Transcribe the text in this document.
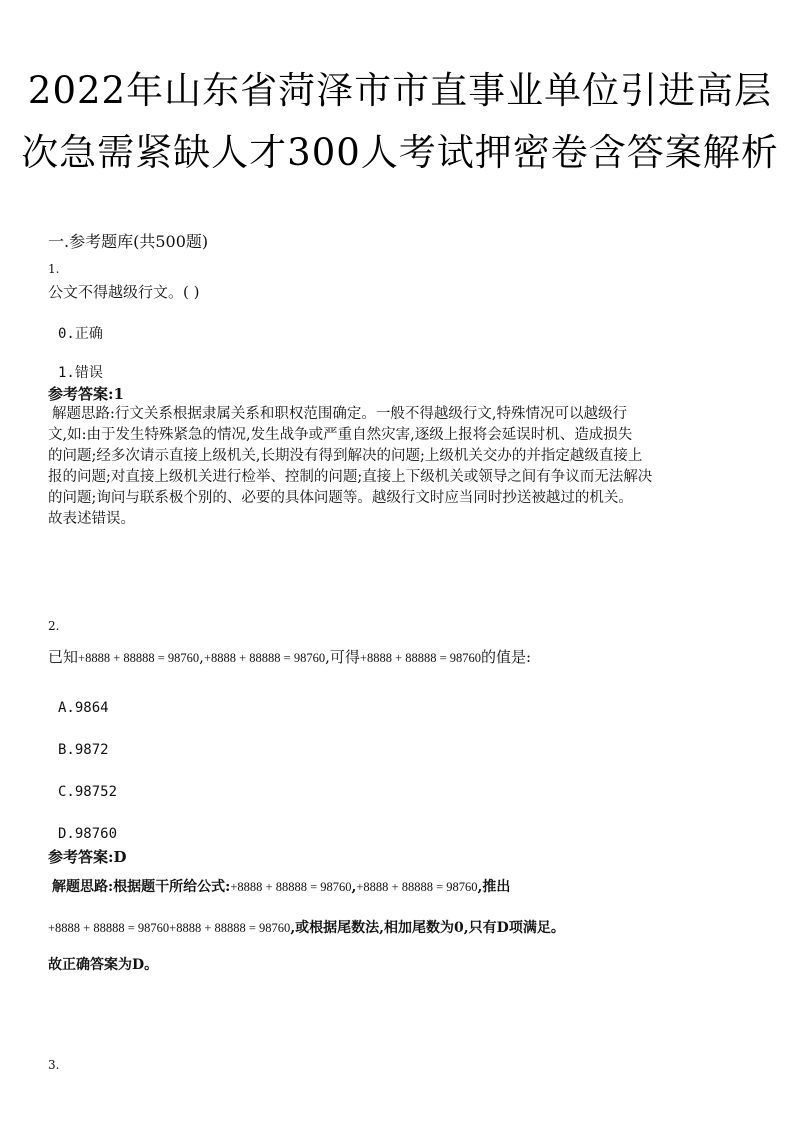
2022年山东省菏泽市市直事业单位引进高层
次急需紧缺人才300人考试押密卷含答案解析
一.参考题库(共500题)
1.
公文不得越级行文。( )
0.正确
1.错误
参考答案:1
解题思路:行文关系根据隶属关系和职权范围确定。一般不得越级行文,特殊情况可以越级行
文,如:由于发生特殊紧急的情况,发生战争或严重自然灾害,逐级上报将会延误时机、造成损失
的问题;经多次请示直接上级机关,长期没有得到解决的问题;上级机关交办的并指定越级直接上
报的问题;对直接上级机关进行检举、控制的问题;直接上下级机关或领导之间有争议而无法解决
的问题;询问与联系极个别的、必要的具体问题等。越级行文时应当同时抄送被越过的机关。
故表述错误。
2.
已知+8888 + 88888 = 98760,+8888 + 88888 = 98760,可得+8888 + 88888 = 98760的值是:
A.9864
B.9872
C.98752
D.98760
参考答案:D
解题思路:根据题干所给公式:+8888 + 88888 = 98760,+8888 + 88888 = 98760,推出
+8888 + 88888 = 98760+8888 + 88888 = 98760,或根据尾数法,相加尾数为0,只有D项满足。
故正确答案为D。
3.
